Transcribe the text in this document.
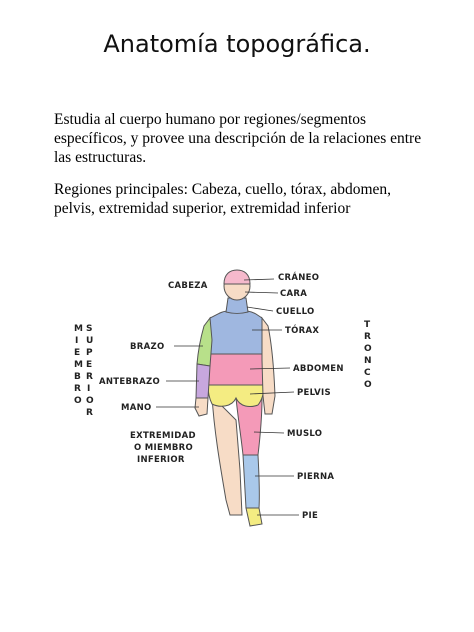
Anatomía topográfica.
Estudia al cuerpo humano por regiones/segmentos específicos, y provee una descripción de la relaciones entre las estructuras.
Regiones principales: Cabeza, cuello, tórax, abdomen, pelvis, extremidad superior, extremidad inferior
CABEZA
CRÁNEO
CARA
CUELLO
TÓRAX
BRAZO
ABDOMEN
ANTEBRAZO
PELVIS
MANO
MUSLO
PIERNA
PIE
EXTREMIDAD
O MIEMBRO
INFERIOR
M
I
E
M
B
R
O
S
U
P
E
R
I
O
R
T
R
O
N
C
O
